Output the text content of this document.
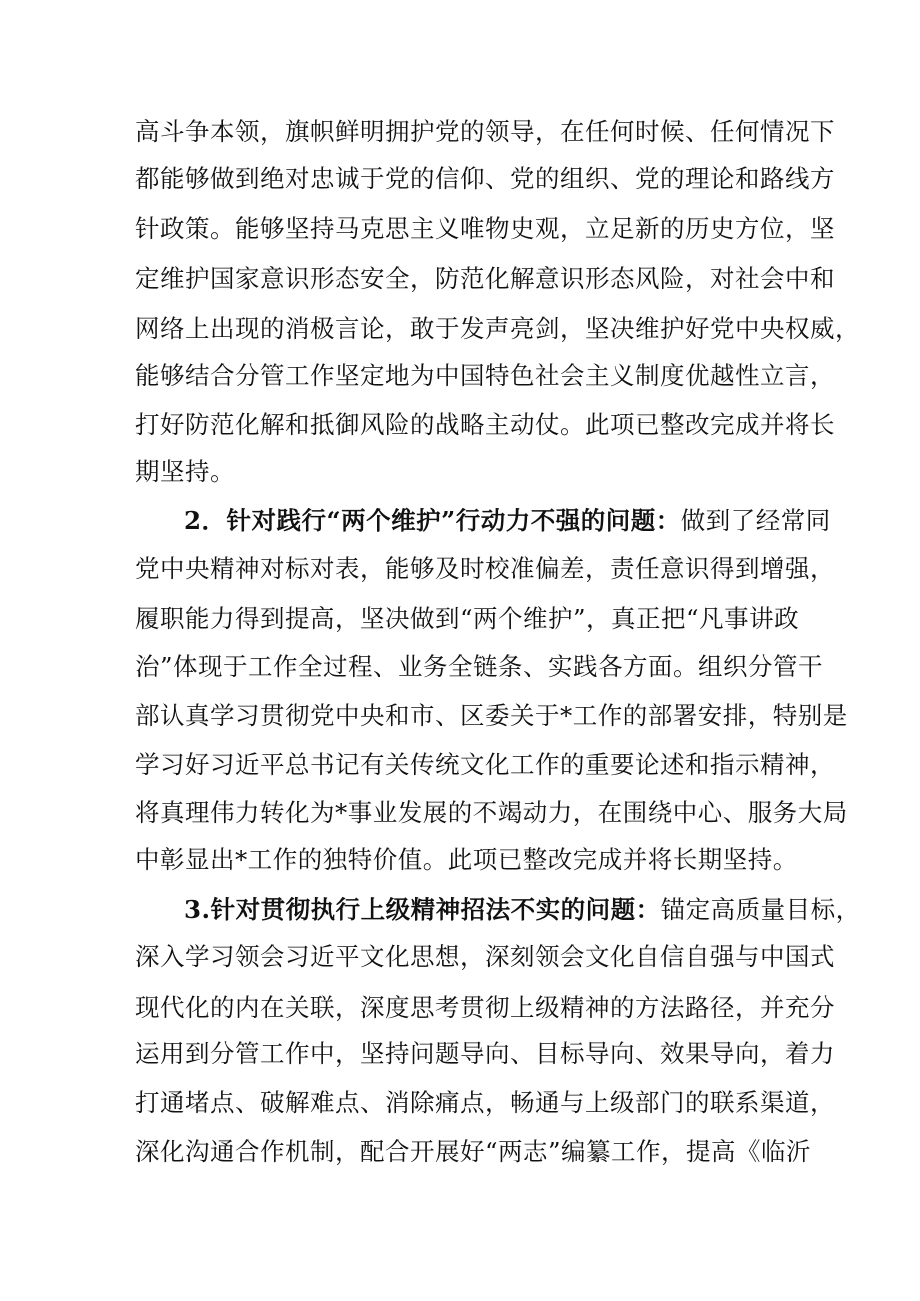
高斗争本领，旗帜鲜明拥护党的领导，在任何时候、任何情况下
都能够做到绝对忠诚于党的信仰、党的组织、党的理论和路线方
针政策。能够坚持马克思主义唯物史观，立足新的历史方位，坚
定维护国家意识形态安全，防范化解意识形态风险，对社会中和
网络上出现的消极言论，敢于发声亮剑，坚决维护好党中央权威，
能够结合分管工作坚定地为中国特色社会主义制度优越性立言，
打好防范化解和抵御风险的战略主动仗。此项已整改完成并将长
期坚持。
2．针对践行“两个维护”行动力不强的问题：做到了经常同
党中央精神对标对表，能够及时校准偏差，责任意识得到增强，
履职能力得到提高，坚决做到“两个维护”，真正把“凡事讲政
治”体现于工作全过程、业务全链条、实践各方面。组织分管干
部认真学习贯彻党中央和市、区委关于*工作的部署安排，特别是
学习好习近平总书记有关传统文化工作的重要论述和指示精神，
将真理伟力转化为*事业发展的不竭动力，在围绕中心、服务大局
中彰显出*工作的独特价值。此项已整改完成并将长期坚持。
3.针对贯彻执行上级精神招法不实的问题：锚定高质量目标，
深入学习领会习近平文化思想，深刻领会文化自信自强与中国式
现代化的内在关联，深度思考贯彻上级精神的方法路径，并充分
运用到分管工作中，坚持问题导向、目标导向、效果导向，着力
打通堵点、破解难点、消除痛点，畅通与上级部门的联系渠道，
深化沟通合作机制，配合开展好“两志”编纂工作，提高《临沂
